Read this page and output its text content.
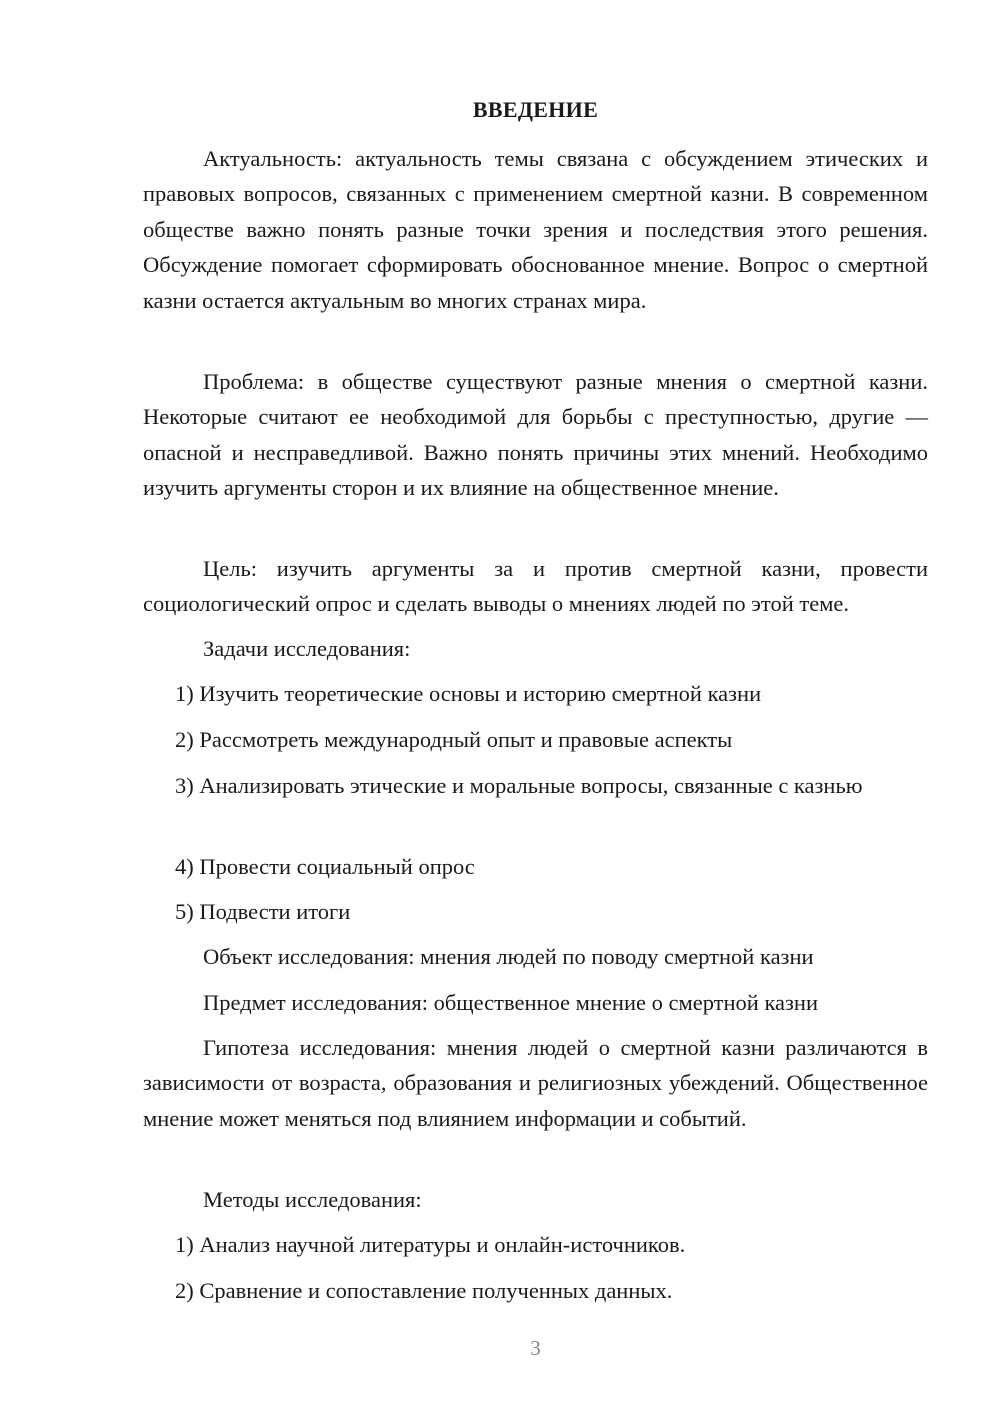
ВВЕДЕНИЕ

Актуальность: актуальность темы связана с обсуждением этических и правовых вопросов, связанных с применением смертной казни. В современном обществе важно понять разные точки зрения и последствия этого решения. Обсуждение помогает сформировать обоснованное мнение. Вопрос о смертной казни остается актуальным во многих странах мира.

Проблема: в обществе существуют разные мнения о смертной казни. Некоторые считают ее необходимой для борьбы с преступностью, другие — опасной и несправедливой. Важно понять причины этих мнений. Необходимо изучить аргументы сторон и их влияние на общественное мнение.

Цель: изучить аргументы за и против смертной казни, провести социологический опрос и сделать выводы о мнениях людей по этой теме.

Задачи исследования:

1) Изучить теоретические основы и историю смертной казни

2) Рассмотреть международный опыт и правовые аспекты

3) Анализировать этические и моральные вопросы, связанные с казнью

4) Провести социальный опрос

5) Подвести итоги

Объект исследования: мнения людей по поводу смертной казни

Предмет исследования: общественное мнение о смертной казни

Гипотеза исследования: мнения людей о смертной казни различаются в зависимости от возраста, образования и религиозных убеждений. Общественное мнение может меняться под влиянием информации и событий.

Методы исследования:

1) Анализ научной литературы и онлайн-источников.

2) Сравнение и сопоставление полученных данных.

3
